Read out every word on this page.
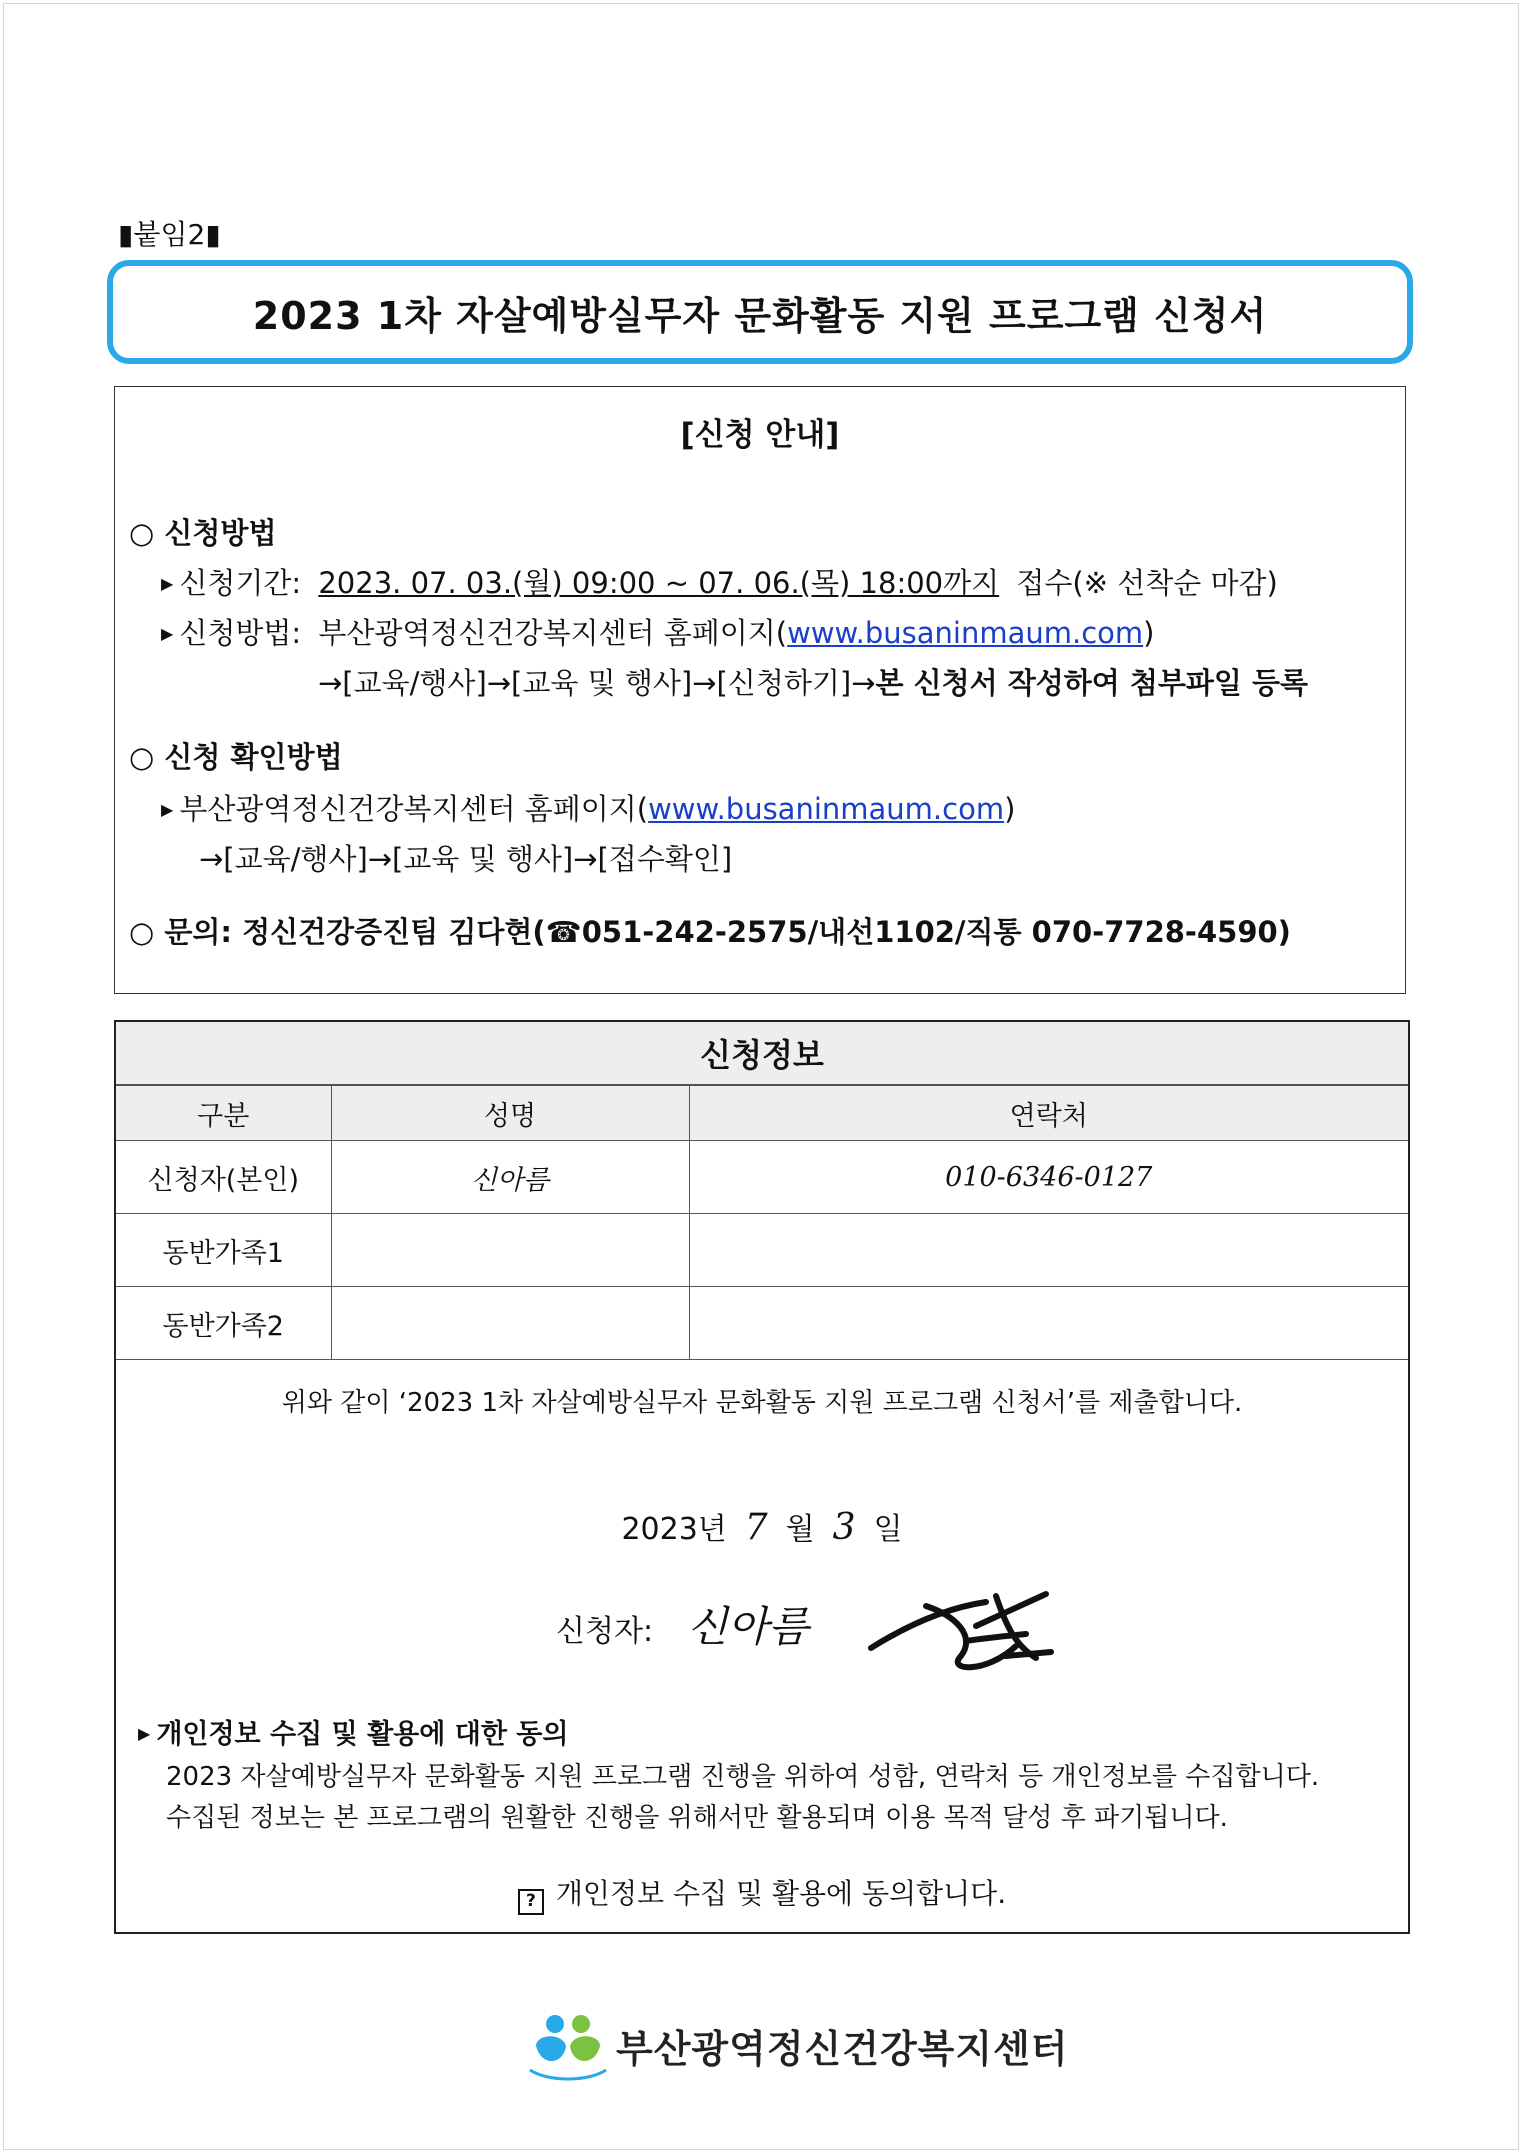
▮붙임2▮
2023 1차 자살예방실무자 문화활동 지원 프로그램 신청서
[신청 안내]
○ 신청방법
▶ 신청기간: 2023. 07. 03.(월) 09:00 ~ 07. 06.(목) 18:00까지 접수(※ 선착순 마감)
▶ 신청방법: 부산광역정신건강복지센터 홈페이지(www.busaninmaum.com)
→[교육/행사]→[교육 및 행사]→[신청하기]→본 신청서 작성하여 첨부파일 등록
○ 신청 확인방법
▶ 부산광역정신건강복지센터 홈페이지(www.busaninmaum.com)
→[교육/행사]→[교육 및 행사]→[접수확인]
○ 문의: 정신건강증진팀 김다현(☎051-242-2575/내선1102/직통 070-7728-4590)
신청정보
구분	성명	연락처
신청자(본인)	신아름	010-6346-0127
동반가족1		
동반가족2		
위와 같이 ‘2023 1차 자살예방실무자 문화활동 지원 프로그램 신청서’를 제출합니다.
2023년 7 월 3 일
신청자: 신아름
▶ 개인정보 수집 및 활용에 대한 동의
2023 자살예방실무자 문화활동 지원 프로그램 진행을 위하여 성함, 연락처 등 개인정보를 수집합니다.
수집된 정보는 본 프로그램의 원활한 진행을 위해서만 활용되며 이용 목적 달성 후 파기됩니다.
? 개인정보 수집 및 활용에 동의합니다.
부산광역정신건강복지센터
